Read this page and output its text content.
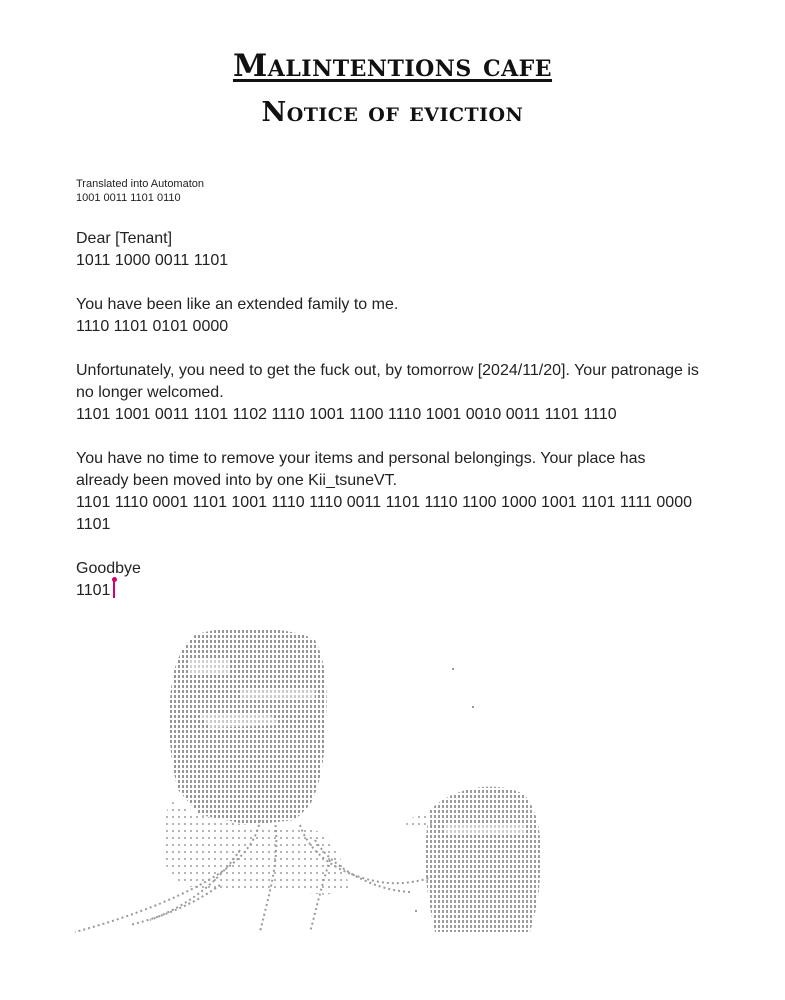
Malintentions cafe
Notice of eviction
Translated into Automaton
1001 0011 1101 0110
Dear [Tenant]
1011 1000 0011 1101
You have been like an extended family to me.
1110 1101 0101 0000
Unfortunately, you need to get the fuck out, by tomorrow [2024/11/20]. Your patronage is
no longer welcomed.
1101 1001 0011 1101 1102 1110 1001 1100 1110 1001 0010 0011 1101 1110
You have no time to remove your items and personal belongings. Your place has
already been moved into by one Kii_tsuneVT.
1101 1110 0001 1101 1001 1110 1110 0011 1101 1110 1100 1000 1001 1101 1111 0000
1101
Goodbye
1101
